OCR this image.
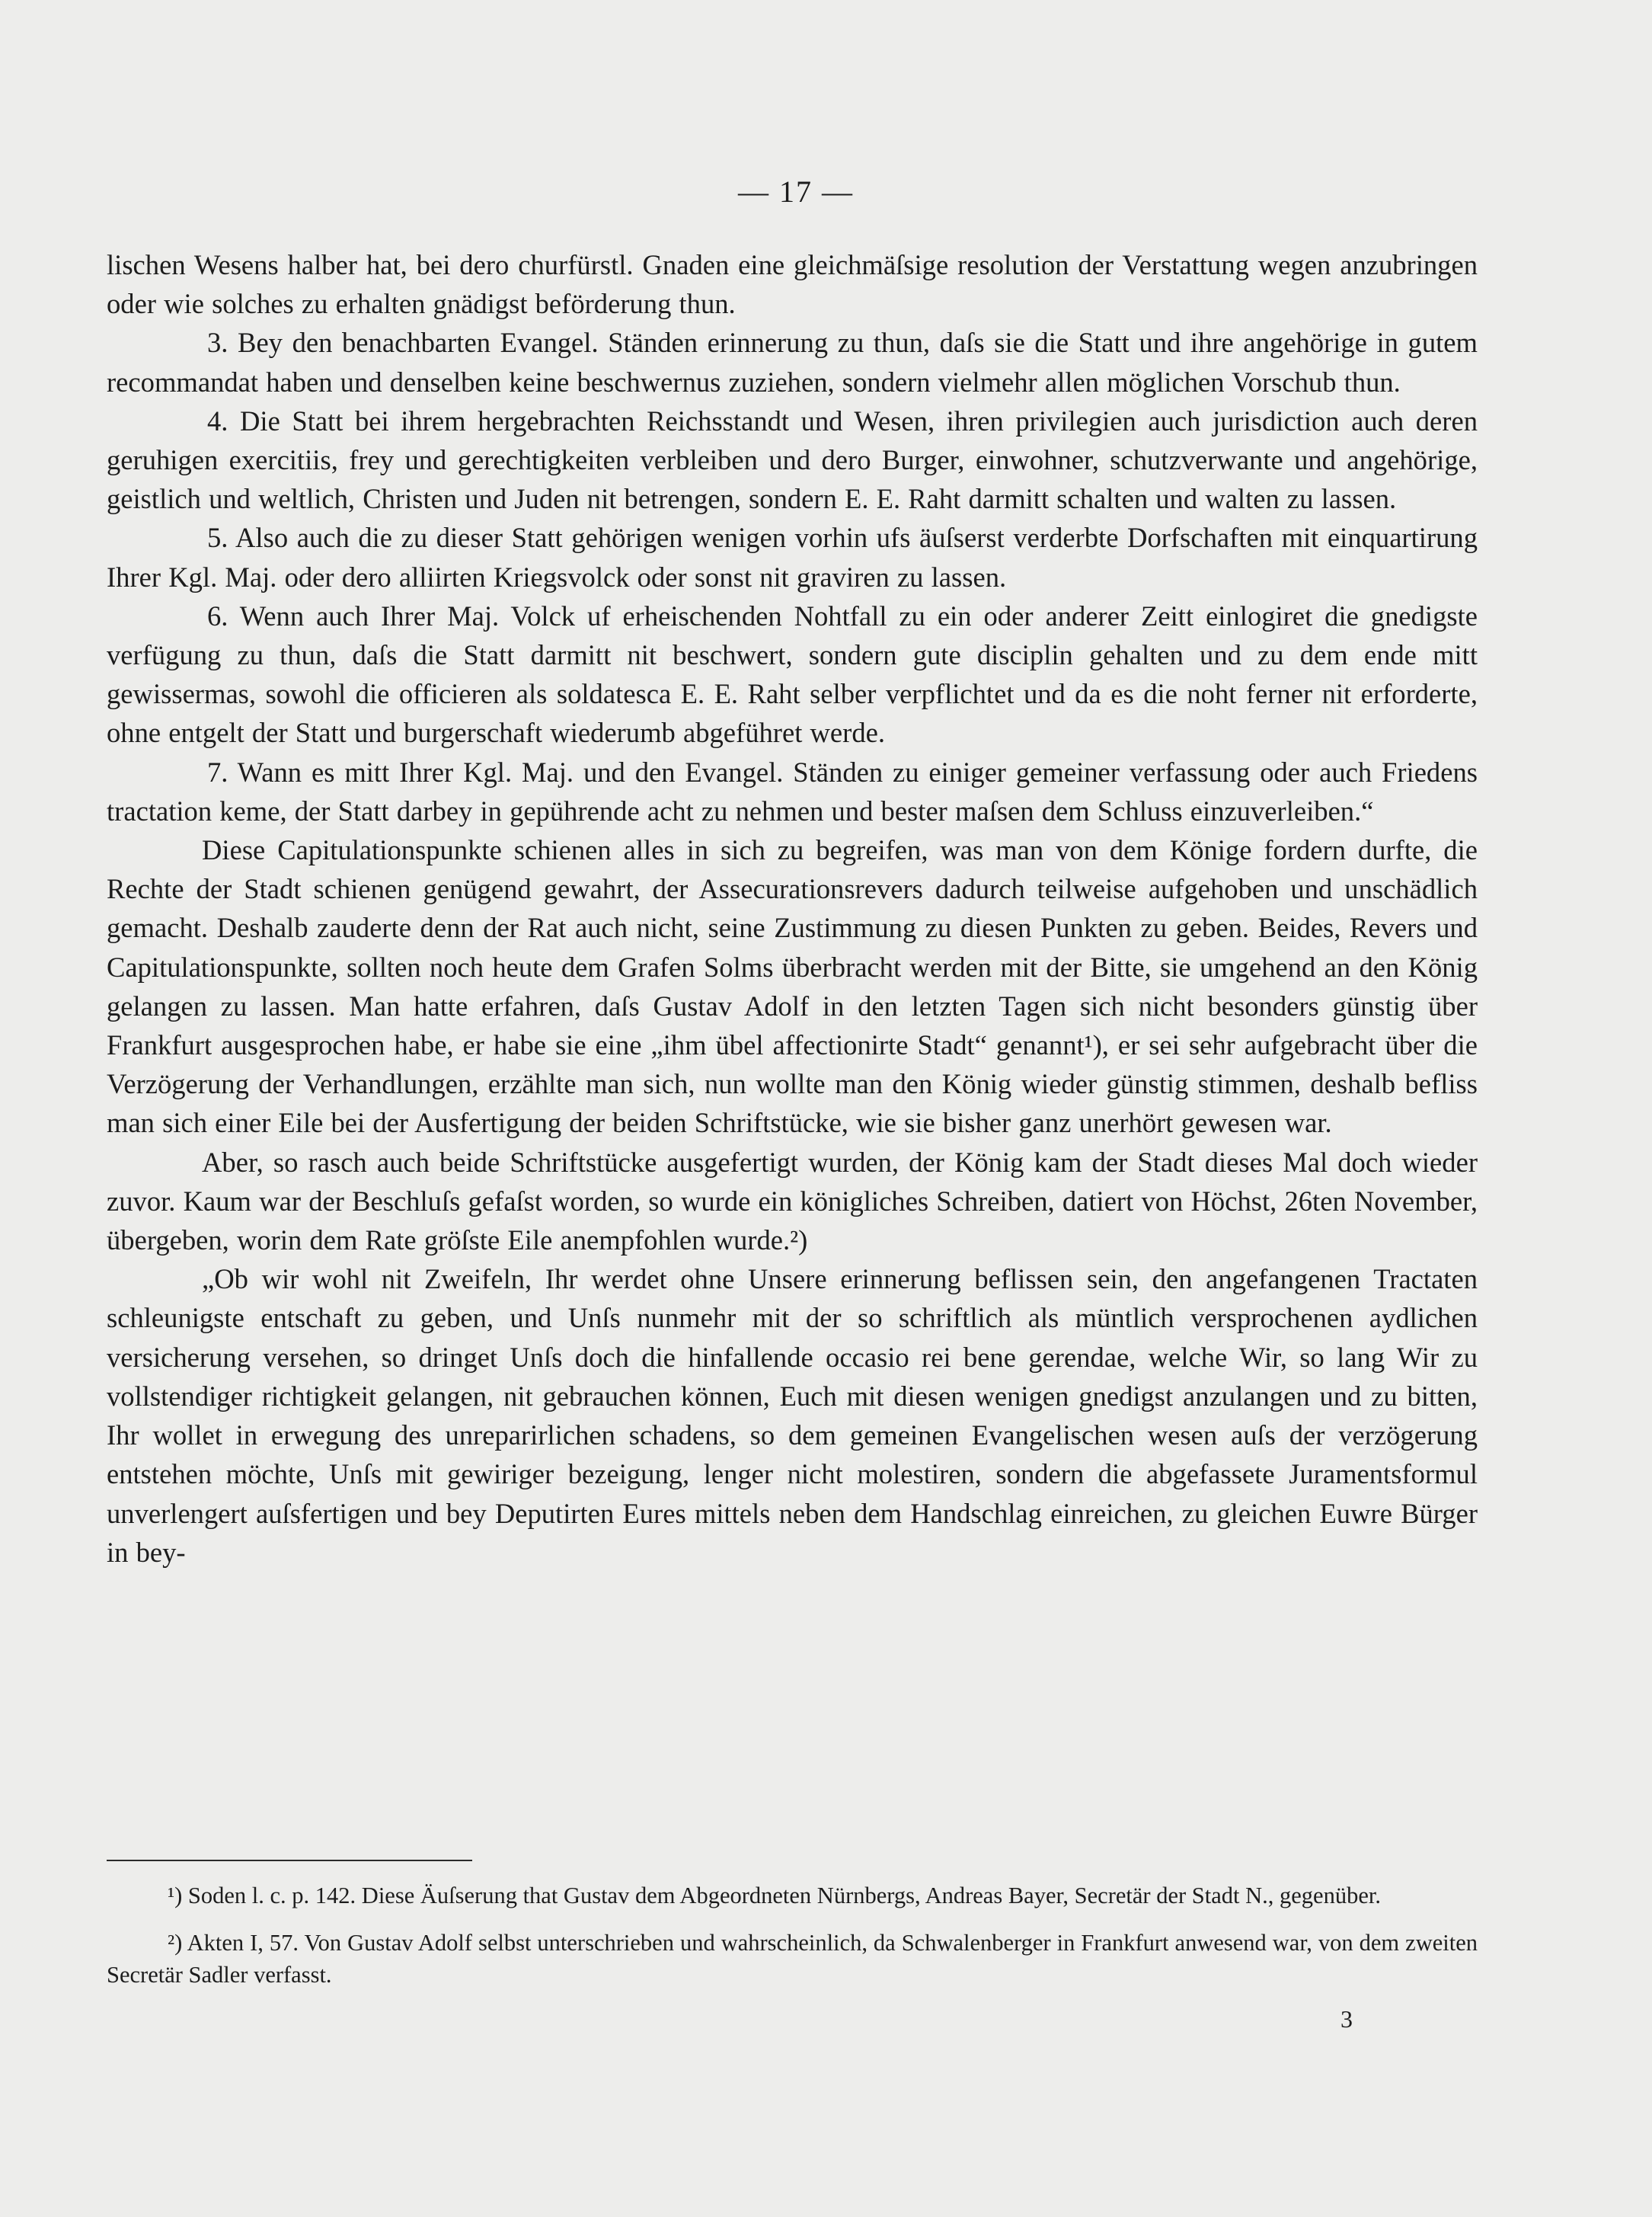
— 17 —

lischen Wesens halber hat, bei dero churfürstl. Gnaden eine gleichmäſsige resolution der Verstattung wegen anzubringen oder wie solches zu erhalten gnädigst beförderung thun.

3. Bey den benachbarten Evangel. Ständen erinnerung zu thun, daſs sie die Statt und ihre angehörige in gutem recommandat haben und denselben keine beschwernus zuziehen, sondern vielmehr allen möglichen Vorschub thun.

4. Die Statt bei ihrem hergebrachten Reichsstandt und Wesen, ihren privilegien auch jurisdiction auch deren geruhigen exercitiis, frey und gerechtigkeiten verbleiben und dero Burger, einwohner, schutzverwante und angehörige, geistlich und weltlich, Christen und Juden nit betrengen, sondern E. E. Raht darmitt schalten und walten zu lassen.

5. Also auch die zu dieser Statt gehörigen wenigen vorhin ufs äuſserst verderbte Dorfschaften mit einquartirung Ihrer Kgl. Maj. oder dero alliirten Kriegsvolck oder sonst nit graviren zu lassen.

6. Wenn auch Ihrer Maj. Volck uf erheischenden Nohtfall zu ein oder anderer Zeitt einlogiret die gnedigste verfügung zu thun, daſs die Statt darmitt nit beschwert, sondern gute disciplin gehalten und zu dem ende mitt gewissermas, sowohl die officieren als soldatesca E. E. Raht selber verpflichtet und da es die noht ferner nit erforderte, ohne entgelt der Statt und burgerschaft wiederumb abgeführet werde.

7. Wann es mitt Ihrer Kgl. Maj. und den Evangel. Ständen zu einiger gemeiner verfassung oder auch Friedens tractation keme, der Statt darbey in gepührende acht zu nehmen und bester maſsen dem Schluss einzuverleiben.“

Diese Capitulationspunkte schienen alles in sich zu begreifen, was man von dem Könige fordern durfte, die Rechte der Stadt schienen genügend gewahrt, der Assecurationsrevers dadurch teilweise aufgehoben und unschädlich gemacht. Deshalb zauderte denn der Rat auch nicht, seine Zustimmung zu diesen Punkten zu geben. Beides, Revers und Capitulationspunkte, sollten noch heute dem Grafen Solms überbracht werden mit der Bitte, sie umgehend an den König gelangen zu lassen. Man hatte erfahren, daſs Gustav Adolf in den letzten Tagen sich nicht besonders günstig über Frankfurt ausgesprochen habe, er habe sie eine „ihm übel affectionirte Stadt“ genannt¹), er sei sehr aufgebracht über die Verzögerung der Verhandlungen, erzählte man sich, nun wollte man den König wieder günstig stimmen, deshalb befliss man sich einer Eile bei der Ausfertigung der beiden Schriftstücke, wie sie bisher ganz unerhört gewesen war.

Aber, so rasch auch beide Schriftstücke ausgefertigt wurden, der König kam der Stadt dieses Mal doch wieder zuvor. Kaum war der Beschluſs gefaſst worden, so wurde ein königliches Schreiben, datiert von Höchst, 26ten November, übergeben, worin dem Rate gröſste Eile anempfohlen wurde.²)

„Ob wir wohl nit Zweifeln, Ihr werdet ohne Unsere erinnerung beflissen sein, den angefangenen Tractaten schleunigste entschaft zu geben, und Unſs nunmehr mit der so schriftlich als müntlich versprochenen aydlichen versicherung versehen, so dringet Unſs doch die hinfallende occasio rei bene gerendae, welche Wir, so lang Wir zu vollstendiger richtigkeit gelangen, nit gebrauchen können, Euch mit diesen wenigen gnedigst anzulangen und zu bitten, Ihr wollet in erwegung des unreparirlichen schadens, so dem gemeinen Evangelischen wesen auſs der verzögerung entstehen möchte, Unſs mit gewiriger bezeigung, lenger nicht molestiren, sondern die abgefassete Juramentsformul unverlengert auſsfertigen und bey Deputirten Eures mittels neben dem Handschlag einreichen, zu gleichen Euwre Bürger in bey-

¹) Soden l. c. p. 142. Diese Äuſserung that Gustav dem Abgeordneten Nürnbergs, Andreas Bayer, Secretär der Stadt N., gegenüber.

²) Akten I, 57. Von Gustav Adolf selbst unterschrieben und wahrscheinlich, da Schwalenberger in Frankfurt anwesend war, von dem zweiten Secretär Sadler verfasst.

3
